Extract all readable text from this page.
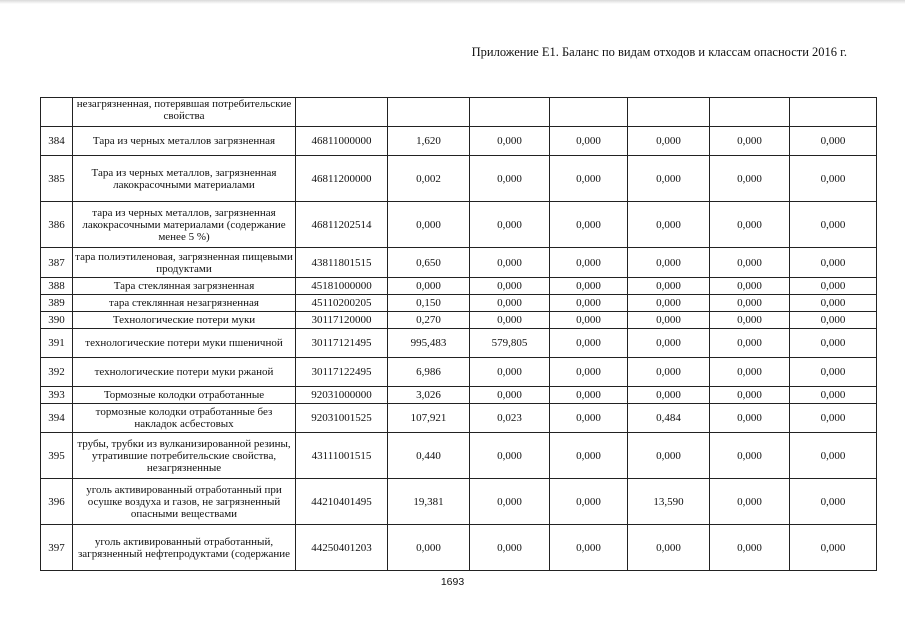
Приложение Е1. Баланс по видам отходов и классам опасности 2016 г.
	незагрязненная, потерявшая потребительские свойства							
384	Тара из черных металлов загрязненная	46811000000	1,620	0,000	0,000	0,000	0,000	0,000
385	Тара из черных металлов, загрязненная лакокрасочными материалами	46811200000	0,002	0,000	0,000	0,000	0,000	0,000
386	тара из черных металлов, загрязненная лакокрасочными материалами (содержание менее 5 %)	46811202514	0,000	0,000	0,000	0,000	0,000	0,000
387	тара полиэтиленовая, загрязненная пищевыми продуктами	43811801515	0,650	0,000	0,000	0,000	0,000	0,000
388	Тара стеклянная загрязненная	45181000000	0,000	0,000	0,000	0,000	0,000	0,000
389	тара стеклянная незагрязненная	45110200205	0,150	0,000	0,000	0,000	0,000	0,000
390	Технологические потери муки	30117120000	0,270	0,000	0,000	0,000	0,000	0,000
391	технологические потери муки пшеничной	30117121495	995,483	579,805	0,000	0,000	0,000	0,000
392	технологические потери муки ржаной	30117122495	6,986	0,000	0,000	0,000	0,000	0,000
393	Тормозные колодки отработанные	92031000000	3,026	0,000	0,000	0,000	0,000	0,000
394	тормозные колодки отработанные без накладок асбестовых	92031001525	107,921	0,023	0,000	0,484	0,000	0,000
395	трубы, трубки из вулканизированной резины, утратившие потребительские свойства, незагрязненные	43111001515	0,440	0,000	0,000	0,000	0,000	0,000
396	уголь активированный отработанный при осушке воздуха и газов, не загрязненный опасными веществами	44210401495	19,381	0,000	0,000	13,590	0,000	0,000
397	уголь активированный отработанный, загрязненный нефтепродуктами (содержание	44250401203	0,000	0,000	0,000	0,000	0,000	0,000
1693
